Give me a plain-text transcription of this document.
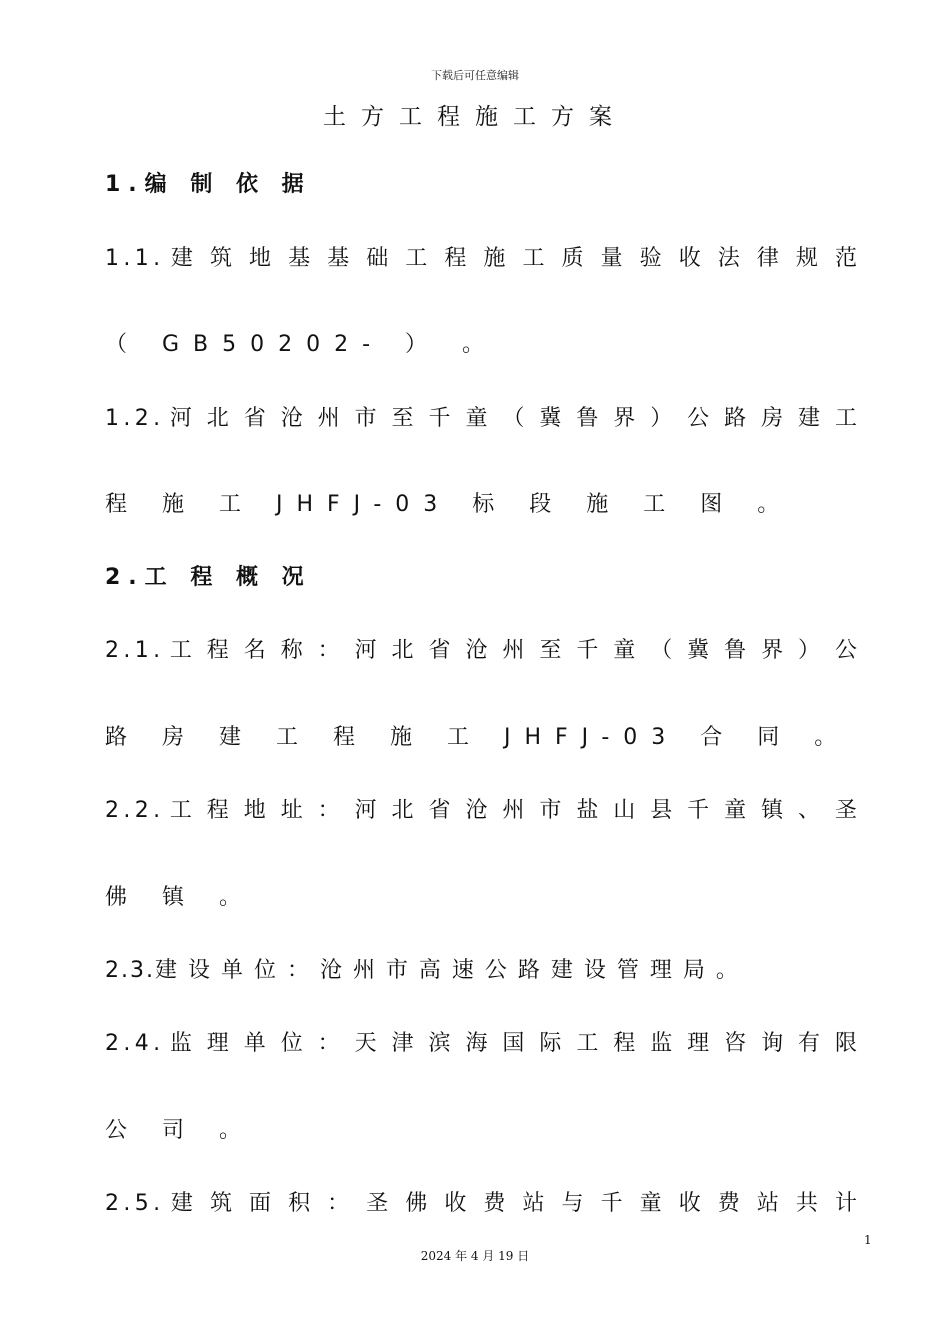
下载后可任意编辑
土方工程施工方案
1.编 制 依 据
1 . 1 . 建 筑 地 基 基 础 工 程 施 工 质 量 验 收 法 律 规 范
（ GB50202- ） 。
1 . 2 . 河 北 省 沧 州 市 至 千 童 （ 冀 鲁 界 ） 公 路 房 建 工
程 施 工 JHFJ-03 标 段 施 工 图 。
2.工 程 概 况
2 . 1 . 工 程 名 称 ： 河 北 省 沧 州 至 千 童 （ 冀 鲁 界 ） 公
路 房 建 工 程 施 工 JHFJ-03 合 同 。
2 . 2 . 工 程 地 址 ： 河 北 省 沧 州 市 盐 山 县 千 童 镇 、 圣
佛 镇 。
2.3.建 设 单 位 ： 沧 州 市 高 速 公 路 建 设 管 理 局 。
2 . 4 . 监 理 单 位 ： 天 津 滨 海 国 际 工 程 监 理 咨 询 有 限
公 司 。
2 . 5 . 建 筑 面 积 ： 圣 佛 收 费 站 与 千 童 收 费 站 共 计
1
2024 年 4 月 19 日
